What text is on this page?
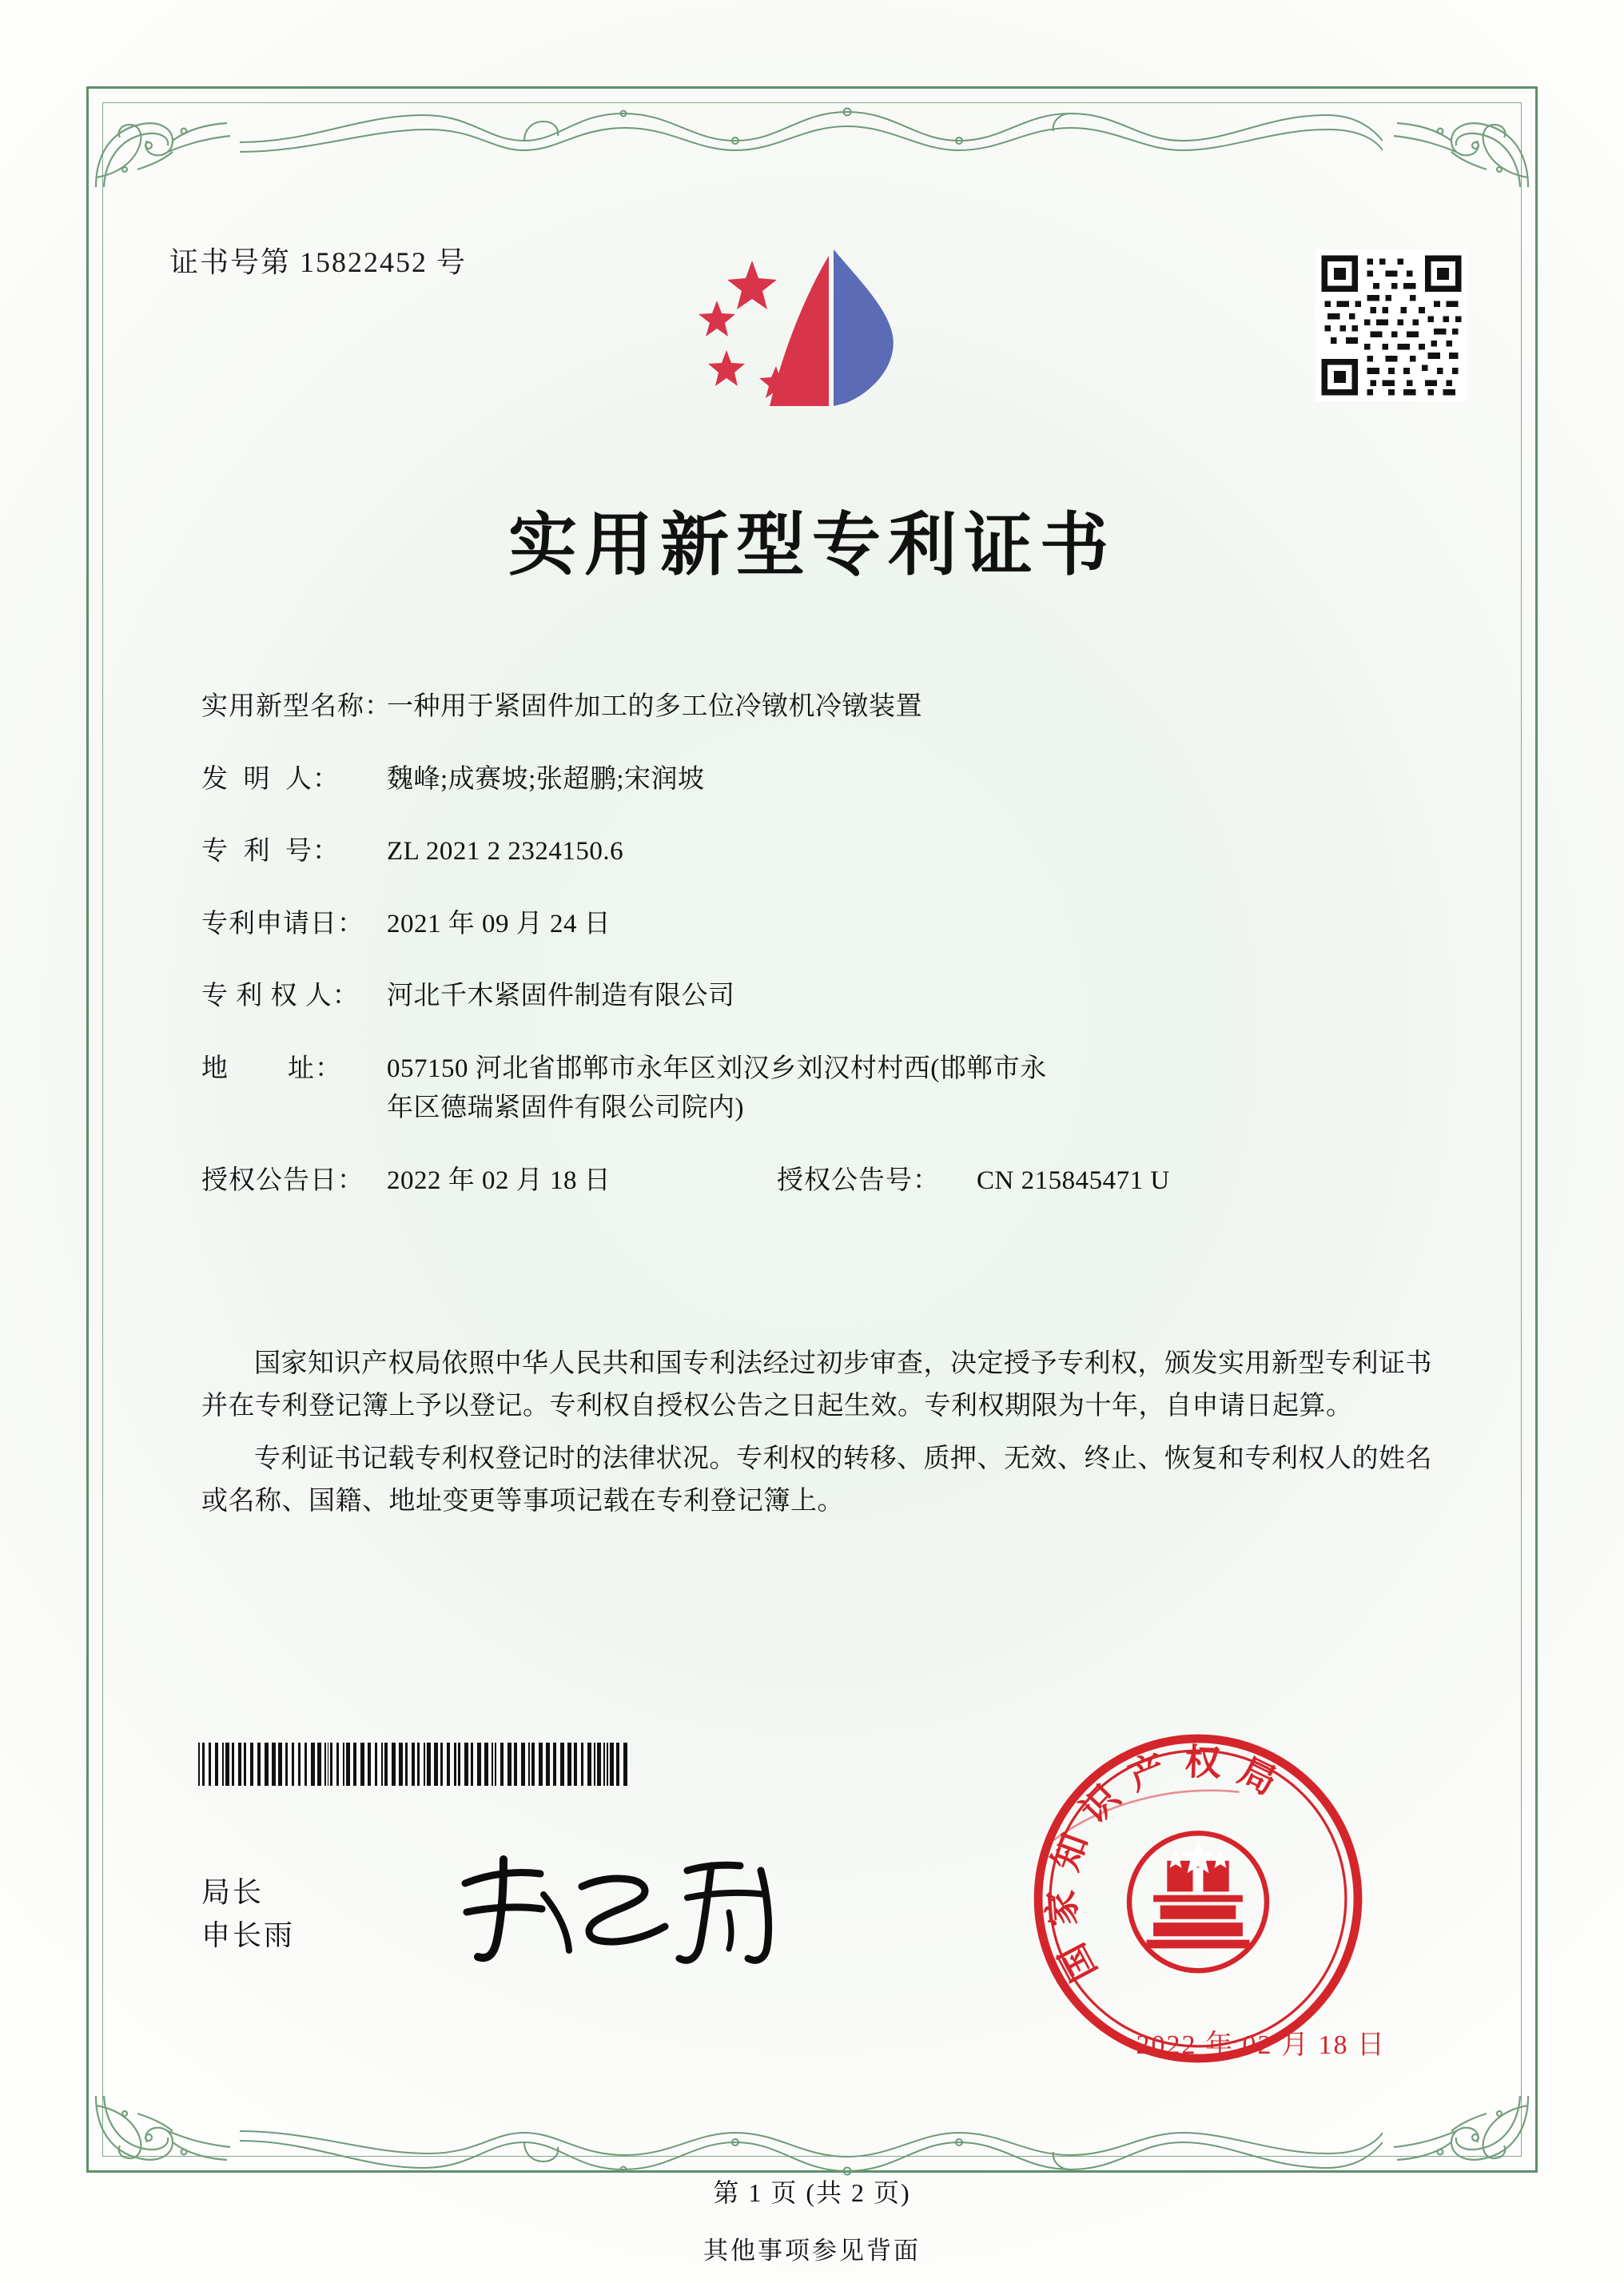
证书号第 15822452 号
实用新型专利证书
实用新型名称：
一种用于紧固件加工的多工位冷镦机冷镦装置
发  明  人：	魏峰;成赛坡;张超鹏;宋润坡
专  利  号：	ZL 2021 2 2324150.6
专利申请日： 2021 年 09 月 24 日
专 利 权 人：	河北千木紧固件制造有限公司
地        址：	057150 河北省邯郸市永年区刘汉乡刘汉村村西(邯郸市永
年区德瑞紧固件有限公司院内)
授权公告日： 2022 年 02 月 18 日	授权公告号：	CN 215845471 U

国家知识产权局依照中华人民共和国专利法经过初步审查，决定授予专利权，颁发实用新型专利证书并在专利登记簿上予以登记。专利权自授权公告之日起生效。专利权期限为十年，自申请日起算。

专利证书记载专利权登记时的法律状况。专利权的转移、质押、无效、终止、恢复和专利权人的姓名或名称、国籍、地址变更等事项记载在专利登记簿上。

局长
申长雨
国
家
知
识
产 权 局
2022 年 02 月 18 日
第 1 页 (共 2 页)
其他事项参见背面
